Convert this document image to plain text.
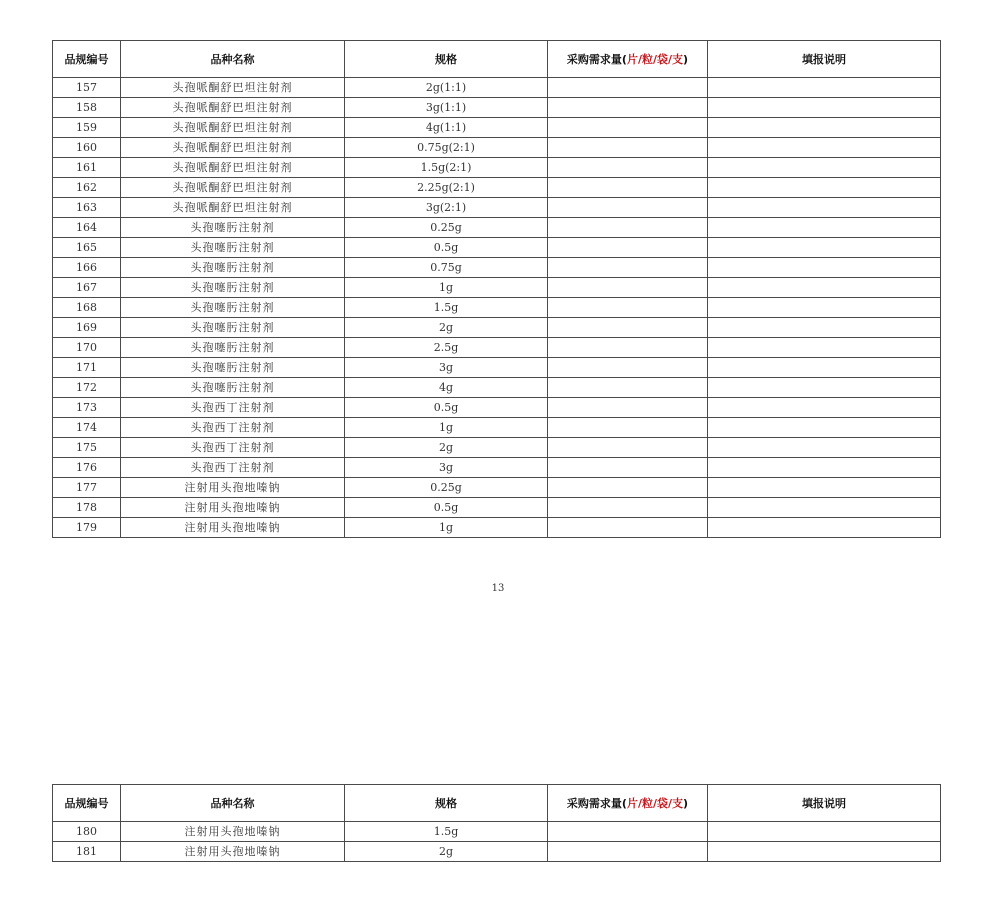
品规编号	品种名称	规格	采购需求量(片/粒/袋/支)	填报说明
157	头孢哌酮舒巴坦注射剂	2g(1:1)		
158	头孢哌酮舒巴坦注射剂	3g(1:1)		
159	头孢哌酮舒巴坦注射剂	4g(1:1)		
160	头孢哌酮舒巴坦注射剂	0.75g(2:1)		
161	头孢哌酮舒巴坦注射剂	1.5g(2:1)		
162	头孢哌酮舒巴坦注射剂	2.25g(2:1)		
163	头孢哌酮舒巴坦注射剂	3g(2:1)		
164	头孢噻肟注射剂	0.25g		
165	头孢噻肟注射剂	0.5g		
166	头孢噻肟注射剂	0.75g		
167	头孢噻肟注射剂	1g		
168	头孢噻肟注射剂	1.5g		
169	头孢噻肟注射剂	2g		
170	头孢噻肟注射剂	2.5g		
171	头孢噻肟注射剂	3g		
172	头孢噻肟注射剂	4g		
173	头孢西丁注射剂	0.5g		
174	头孢西丁注射剂	1g		
175	头孢西丁注射剂	2g		
176	头孢西丁注射剂	3g		
177	注射用头孢地嗪钠	0.25g		
178	注射用头孢地嗪钠	0.5g		
179	注射用头孢地嗪钠	1g		
13
品规编号	品种名称	规格	采购需求量(片/粒/袋/支)	填报说明
180	注射用头孢地嗪钠	1.5g		
181	注射用头孢地嗪钠	2g		
